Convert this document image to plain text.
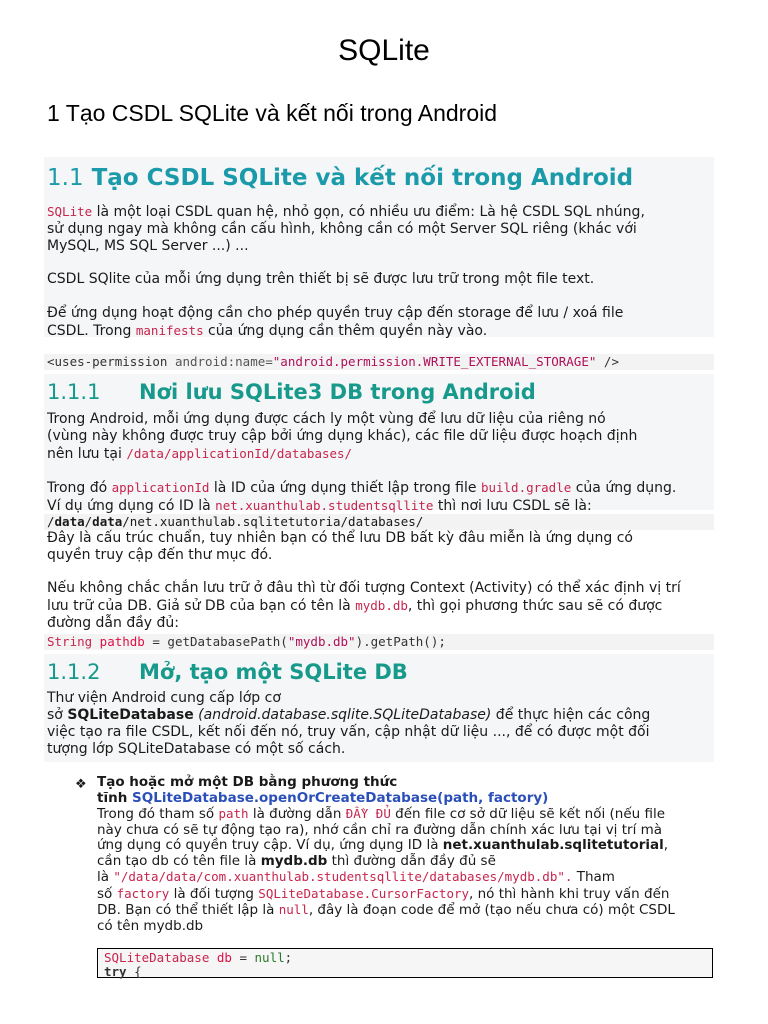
SQLite
1 Tạo CSDL SQLite và kết nối trong Android
1.1 Tạo CSDL SQLite và kết nối trong Android
SQLite là một loại CSDL quan hệ, nhỏ gọn, có nhiều ưu điểm: Là hệ CSDL SQL nhúng,
sử dụng ngay mà không cần cấu hình, không cần có một Server SQL riêng (khác với
MySQL, MS SQL Server ...) ...
CSDL SQlite của mỗi ứng dụng trên thiết bị sẽ được lưu trữ trong một file text.
Để ứng dụng hoạt động cần cho phép quyền truy cập đến storage để lưu / xoá file
CSDL. Trong manifests của ứng dụng cần thêm quyền này vào.
<uses-permission android:name="android.permission.WRITE_EXTERNAL_STORAGE" />
1.1.1 Nơi lưu SQLite3 DB trong Android
Trong Android, mỗi ứng dụng được cách ly một vùng để lưu dữ liệu của riêng nó
(vùng này không được truy cập bởi ứng dụng khác), các file dữ liệu được hoạch định
nên lưu tại /data/applicationId/databases/
Trong đó applicationId là ID của ứng dụng thiết lập trong file build.gradle của ứng dụng.
Ví dụ ứng dụng có ID là net.xuanthulab.studentsqllite thì nơi lưu CSDL sẽ là:
/data/data/net.xuanthulab.sqlitetutoria/databases/
Đây là cấu trúc chuẩn, tuy nhiên bạn có thể lưu DB bất kỳ đâu miễn là ứng dụng có
quyền truy cập đến thư mục đó.
Nếu không chắc chắn lưu trữ ở đâu thì từ đối tượng Context (Activity) có thể xác định vị trí
lưu trữ của DB. Giả sử DB của bạn có tên là mydb.db, thì gọi phương thức sau sẽ có được
đường dẫn đầy đủ:
String pathdb = getDatabasePath("mydb.db").getPath();
1.1.2 Mở, tạo một SQLite DB
Thư viện Android cung cấp lớp cơ
sở SQLiteDatabase (android.database.sqlite.SQLiteDatabase) để thực hiện các công
việc tạo ra file CSDL, kết nối đến nó, truy vấn, cập nhật dữ liệu ..., để có được một đối
tượng lớp SQLiteDatabase có một số cách.
❖ Tạo hoặc mở một DB bằng phương thức
tĩnh SQLiteDatabase.openOrCreateDatabase(path, factory)
Trong đó tham số path là đường dẫn ĐẦY ĐỦ đến file cơ sở dữ liệu sẽ kết nối (nếu file
này chưa có sẽ tự động tạo ra), nhớ cần chỉ ra đường dẫn chính xác lưu tại vị trí mà
ứng dụng có quyền truy cập. Ví dụ, ứng dụng ID là net.xuanthulab.sqlitetutorial,
cần tạo db có tên file là mydb.db thì đường dẫn đầy đủ sẽ
là "/data/data/com.xuanthulab.studentsqllite/databases/mydb.db". Tham
số factory là đối tượng SQLiteDatabase.CursorFactory, nó thì hành khi truy vấn đến
DB. Bạn có thể thiết lập là null, đây là đoạn code để mở (tạo nếu chưa có) một CSDL
có tên mydb.db
SQLiteDatabase db = null;
try {
